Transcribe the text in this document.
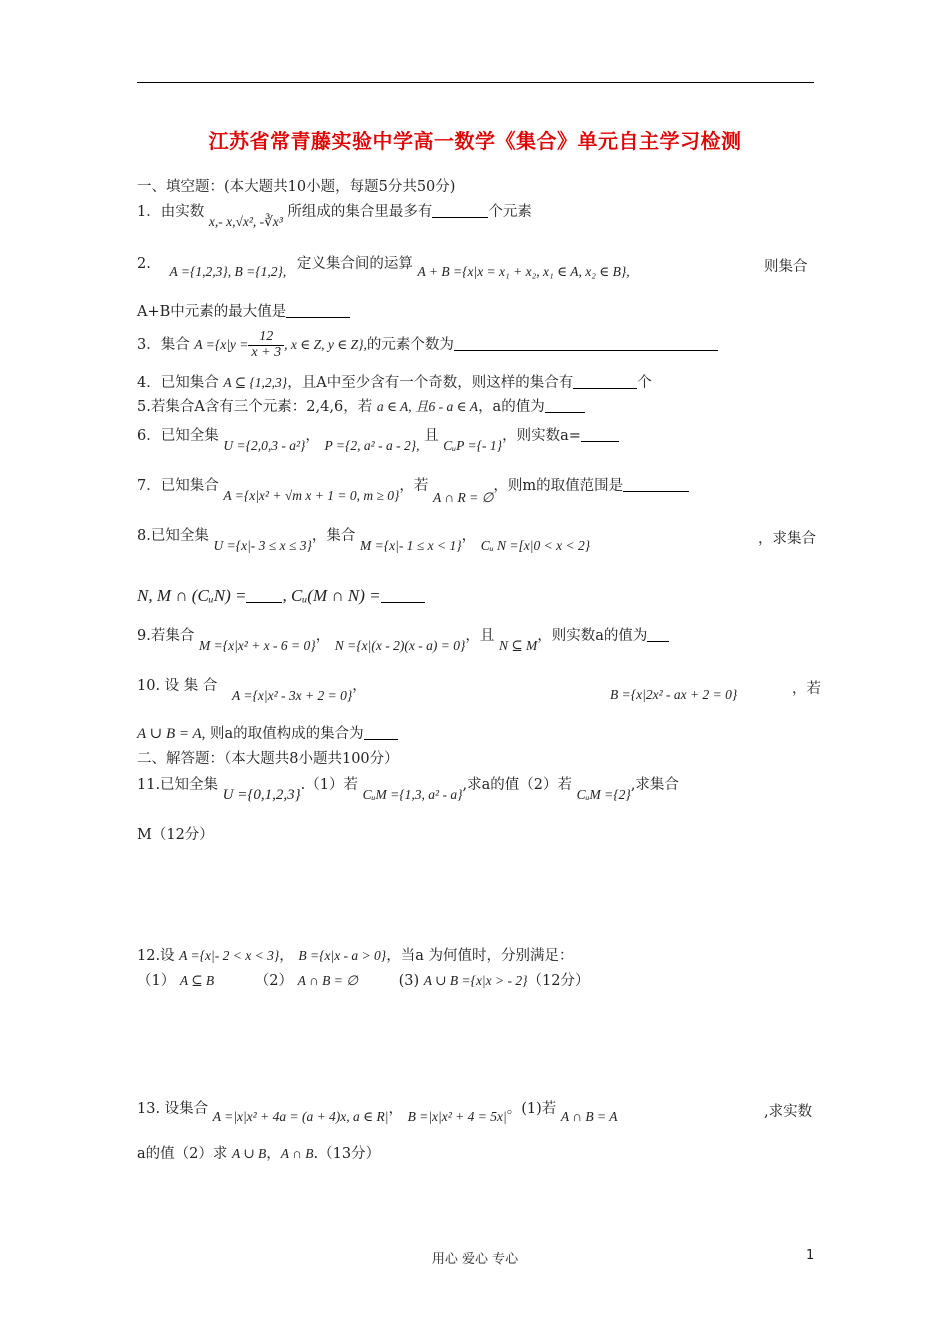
江苏省常青藤实验中学高一数学《集合》单元自主学习检测
一、填空题：(本大题共10小题，每题5分共50分)
1．由实数 x,- x,√x², -∛x³ 所组成的集合里最多有	个元素
2. A ={1,2,3}, B ={1,2}, 定义集合间的运算 A + B ={x|x = x₁ + x₂, x₁ ∈ A, x₂ ∈ B},	则集合
A+B中元素的最大值是
3．集合 $A =\{x|y = \frac{12}{x + 3}$ , x ∈ Z, y ∈ Z},的元素个数为
4．已知集合 A ⊆ {1,2,3}，且A中至少含有一个奇数，则这样的集合有	个
5.若集合A含有三个元素：2,4,6，若 a ∈ A, 且6 - a ∈ A，a的值为
6．已知全集 U ={2,0,3 - a²}， P ={2, a² - a - 2}, 且 CᵤP ={- 1}，则实数a=
7．已知集合 A ={x|x² + √m x + 1 = 0, m ≥ 0}，若 A ∩ R = ∅，则m的取值范围是
8.已知全集 U ={x|- 3 ≤ x ≤ 3}，集合 M ={x|- 1 ≤ x < 1}， Cᵤ N =[x|0 < x < 2}	，求集合
N, M ∩ (CᵤN) = , Cᵤ(M ∩ N) =
9.若集合 M ={x|x² + x - 6 = 0}， N ={x|(x - 2)(x - a) = 0}，且 N ⊆ M，则实数a的值为
10. 设 集 合 A ={x|x² - 3x + 2 = 0}，
B ={x|2x² - ax + 2 = 0}	，若
A ∪ B = A, 则a的取值构成的集合为
二、解答题：（本大题共8小题共100分）
11.已知全集 U ={0,1,2,3}.（1）若 CᵤM ={1,3, a² - a},求a的值（2）若 CᵤM ={2},求集合
M（12分）
12.设 A ={x|- 2 < x < 3}， B ={x|x - a > 0}，当a 为何值时，分别满足：
（1） A ⊆ B	（2） A ∩ B = ∅	(3) A ∪ B ={x|x > - 2}（12分）
13. 设集合 A =|x|x² + 4a = (a + 4)x, a ∈ R|， B =|x|x² + 4 = 5x|。(1)若 A ∩ B = A	,求实数
a的值（2）求 A ∪ B，A ∩ B.（13分）
用心 爱心 专心	1
